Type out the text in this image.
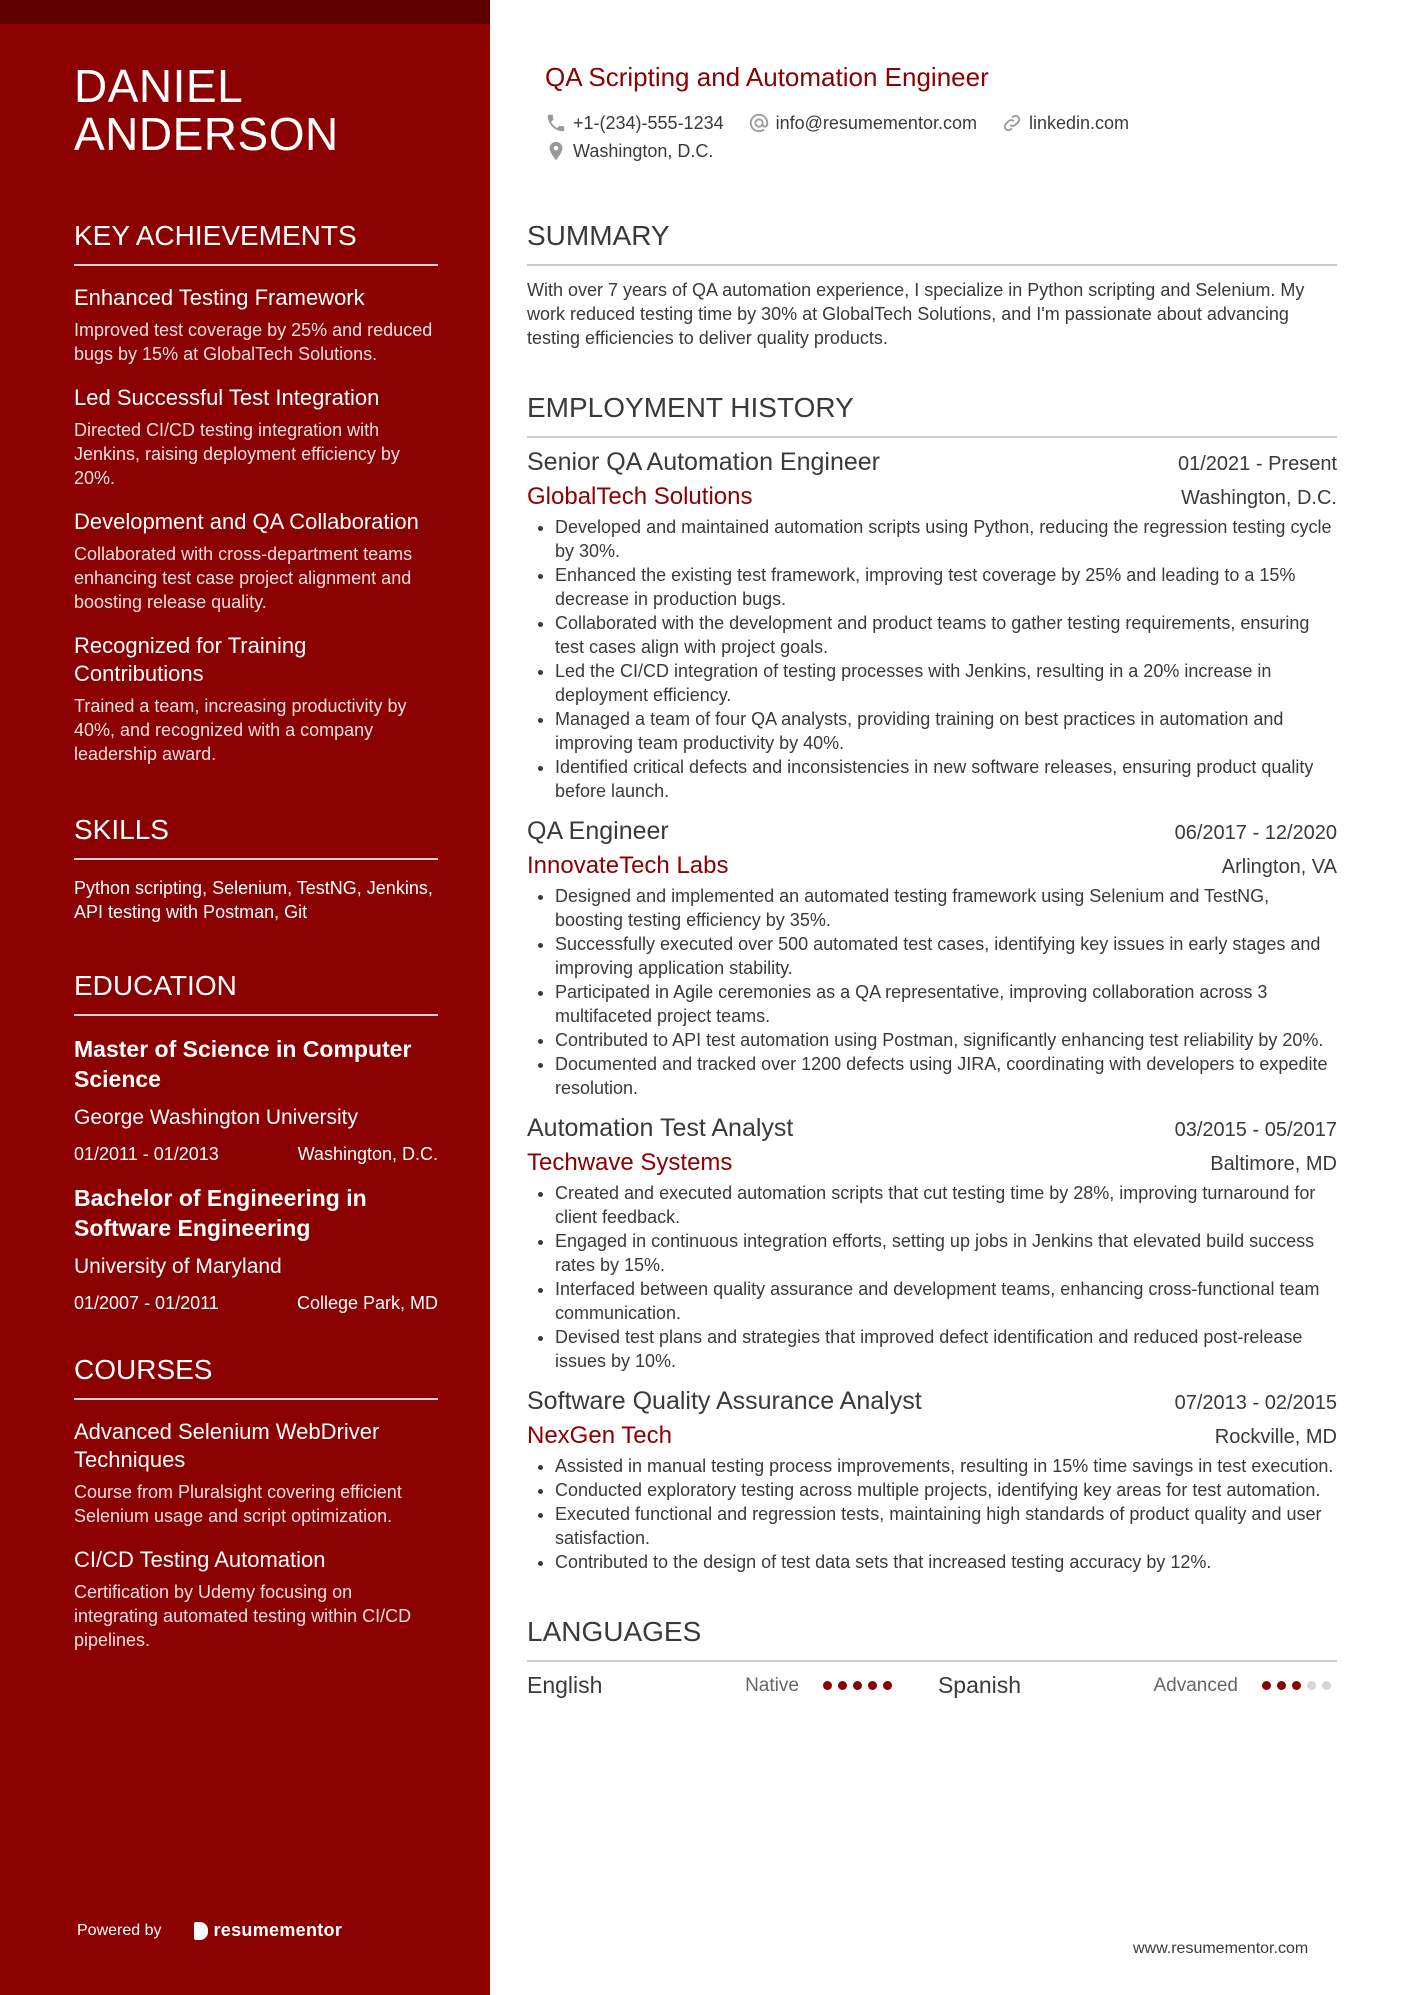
DANIEL
ANDERSON
KEY ACHIEVEMENTS
Enhanced Testing Framework

Improved test coverage by 25% and reduced bugs by 15% at GlobalTech Solutions.

Led Successful Test Integration

Directed CI/CD testing integration with Jenkins, raising deployment efficiency by 20%.

Development and QA Collaboration

Collaborated with cross-department teams enhancing test case project alignment and boosting release quality.

Recognized for Training Contributions

Trained a team, increasing productivity by 40%, and recognized with a company leadership award.

SKILLS
Python scripting, Selenium, TestNG, Jenkins, API testing with Postman, Git
EDUCATION
Master of Science in Computer Science
George Washington University
01/2011 - 01/2013	Washington, D.C.
Bachelor of Engineering in Software Engineering
University of Maryland
01/2007 - 01/2011	College Park, MD
COURSES
Advanced Selenium WebDriver Techniques

Course from Pluralsight covering efficient Selenium usage and script optimization.

CI/CD Testing Automation

Certification by Udemy focusing on integrating automated testing within CI/CD pipelines.

Powered by	resumementor
QA Scripting and Automation Engineer
+1-(234)-555-1234	info@resumementor.com	linkedin.com
Washington, D.C.
SUMMARY
With over 7 years of QA automation experience, I specialize in Python scripting and Selenium. My work reduced testing time by 30% at GlobalTech Solutions, and I'm passionate about advancing testing efficiencies to deliver quality products.
EMPLOYMENT HISTORY
Senior QA Automation Engineer	01/2021 - Present
GlobalTech Solutions	Washington, D.C.
• Developed and maintained automation scripts using Python, reducing the regression testing cycle by 30%.
• Enhanced the existing test framework, improving test coverage by 25% and leading to a 15% decrease in production bugs.
• Collaborated with the development and product teams to gather testing requirements, ensuring test cases align with project goals.
• Led the CI/CD integration of testing processes with Jenkins, resulting in a 20% increase in deployment efficiency.
• Managed a team of four QA analysts, providing training on best practices in automation and improving team productivity by 40%.
• Identified critical defects and inconsistencies in new software releases, ensuring product quality before launch.
QA Engineer	06/2017 - 12/2020
InnovateTech Labs	Arlington, VA
• Designed and implemented an automated testing framework using Selenium and TestNG, boosting testing efficiency by 35%.
• Successfully executed over 500 automated test cases, identifying key issues in early stages and improving application stability.
• Participated in Agile ceremonies as a QA representative, improving collaboration across 3 multifaceted project teams.
• Contributed to API test automation using Postman, significantly enhancing test reliability by 20%.
• Documented and tracked over 1200 defects using JIRA, coordinating with developers to expedite resolution.
Automation Test Analyst	03/2015 - 05/2017
Techwave Systems	Baltimore, MD
• Created and executed automation scripts that cut testing time by 28%, improving turnaround for client feedback.
• Engaged in continuous integration efforts, setting up jobs in Jenkins that elevated build success rates by 15%.
• Interfaced between quality assurance and development teams, enhancing cross-functional team communication.
• Devised test plans and strategies that improved defect identification and reduced post-release issues by 10%.
Software Quality Assurance Analyst	07/2013 - 02/2015
NexGen Tech	Rockville, MD
• Assisted in manual testing process improvements, resulting in 15% time savings in test execution.
• Conducted exploratory testing across multiple projects, identifying key areas for test automation.
• Executed functional and regression tests, maintaining high standards of product quality and user satisfaction.
• Contributed to the design of test data sets that increased testing accuracy by 12%.
LANGUAGES
English	Native	Spanish	Advanced
www.resumementor.com
